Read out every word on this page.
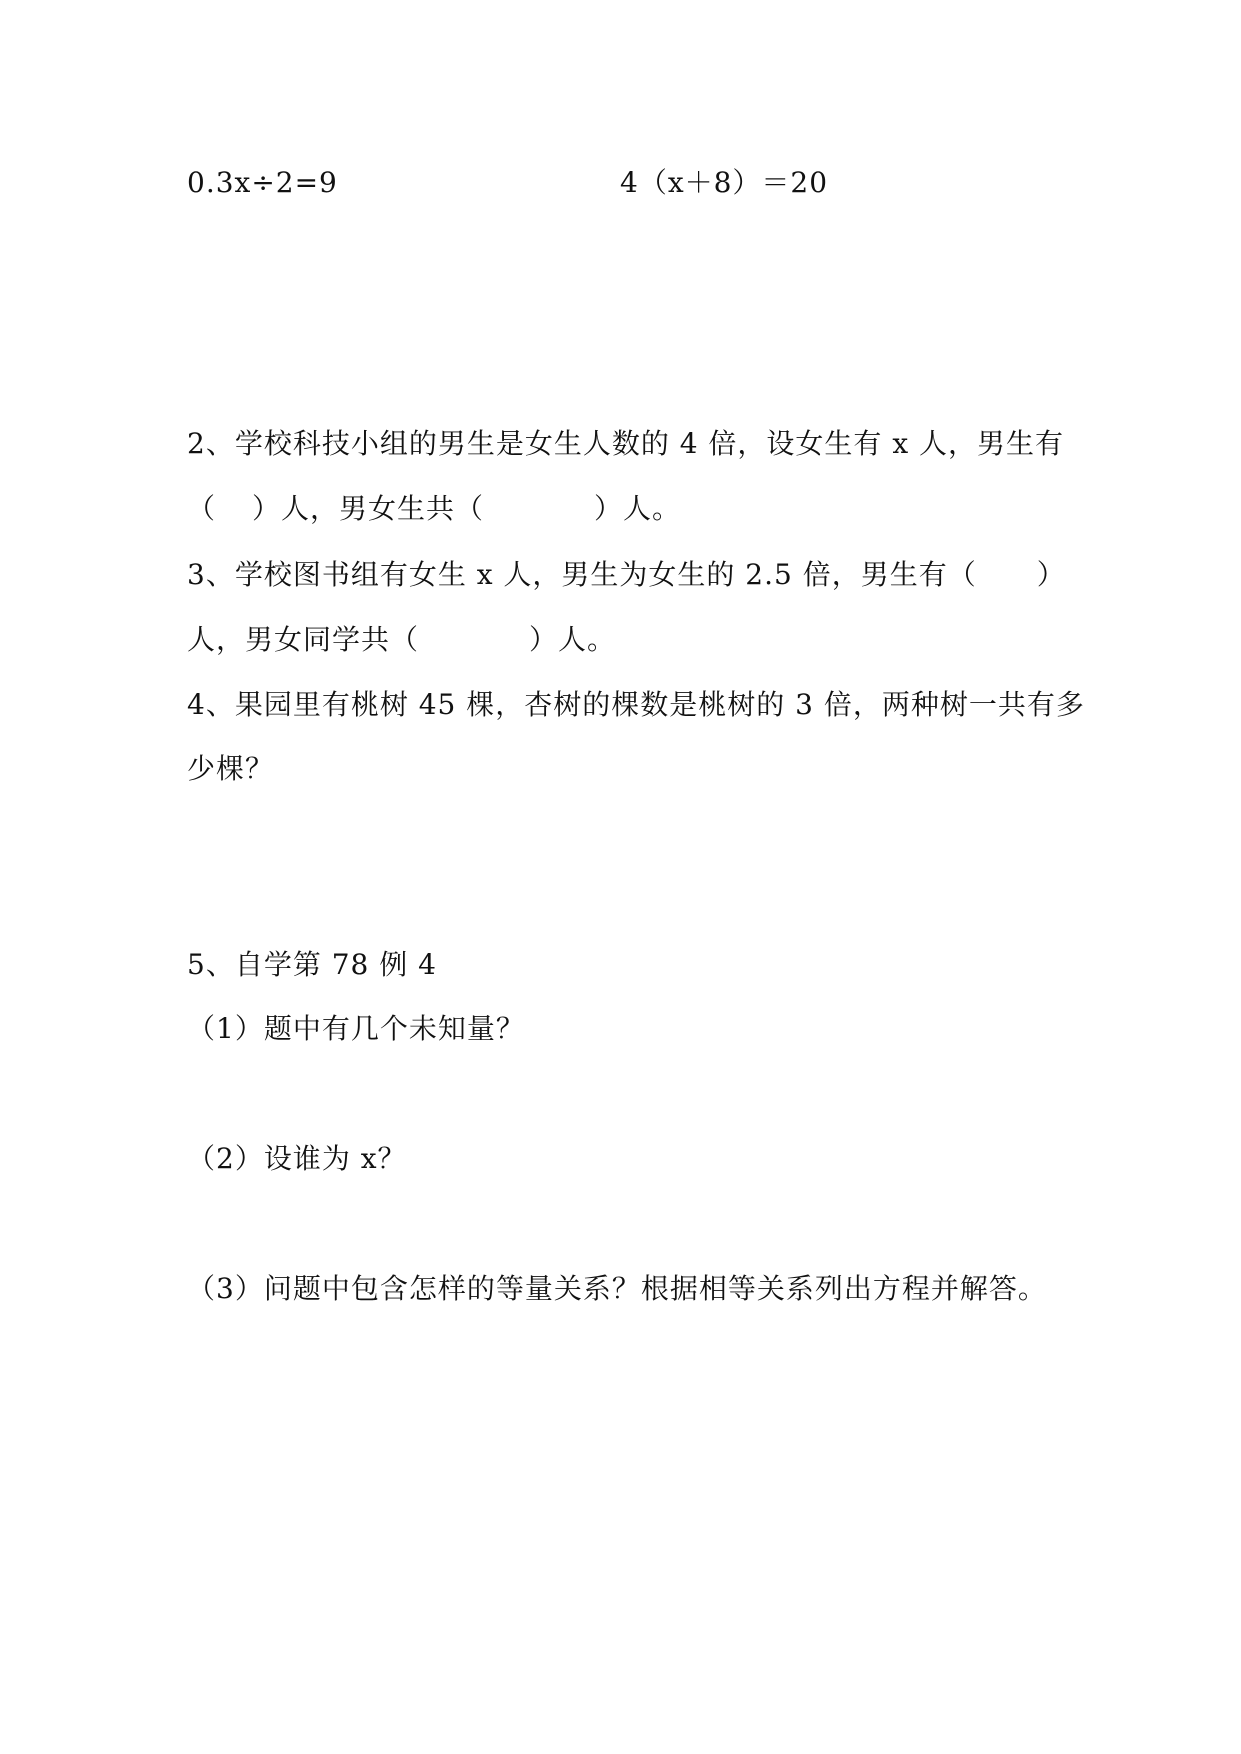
0.3x÷2=9	4（x＋8）＝20
2、学校科技小组的男生是女生人数的 4 倍，设女生有 x 人，男生有
（ ）人，男女生共（	）人。
3、学校图书组有女生 x 人，男生为女生的 2.5 倍，男生有（ ）
人，男女同学共（	）人。
4、果园里有桃树 45 棵，杏树的棵数是桃树的 3 倍，两种树一共有多
少棵？
5、自学第 78 例 4
（1）题中有几个未知量？
（2）设谁为 x？
（3）问题中包含怎样的等量关系？根据相等关系列出方程并解答。
